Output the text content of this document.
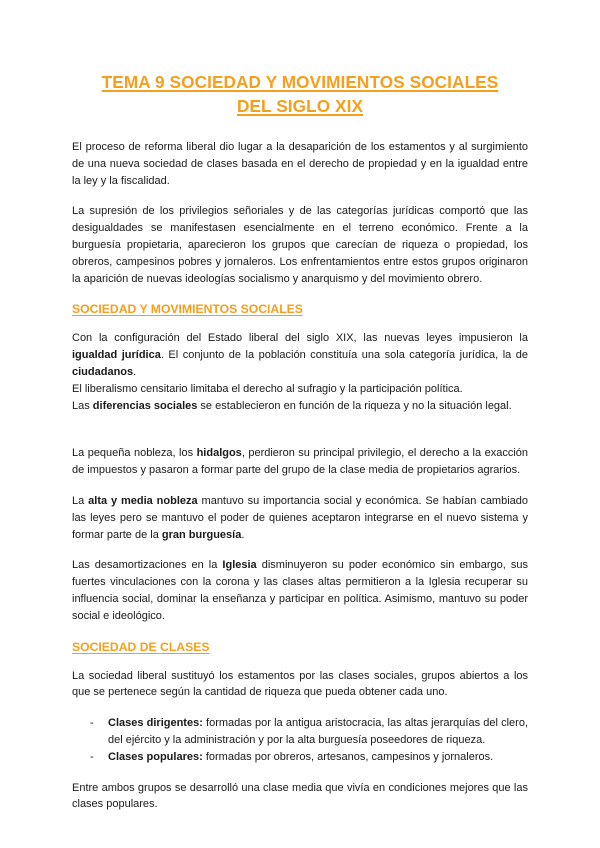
TEMA 9 SOCIEDAD Y MOVIMIENTOS SOCIALES
DEL SIGLO XIX

El proceso de reforma liberal dio lugar a la desaparición de los estamentos y al surgimiento de una nueva sociedad de clases basada en el derecho de propiedad y en la igualdad entre la ley y la fiscalidad.

La supresión de los privilegios señoriales y de las categorías jurídicas comportó que las desigualdades se manifestasen esencialmente en el terreno económico. Frente a la burguesía propietaria, aparecieron los grupos que carecían de riqueza o propiedad, los obreros, campesinos pobres y jornaleros. Los enfrentamientos entre estos grupos originaron la aparición de nuevas ideologías socialismo y anarquismo y del movimiento obrero.

SOCIEDAD Y MOVIMIENTOS SOCIALES

Con la configuración del Estado liberal del siglo XIX, las nuevas leyes impusieron la igualdad jurídica. El conjunto de la población constituía una sola categoría jurídica, la de ciudadanos.

El liberalismo censitario limitaba el derecho al sufragio y la participación política.

Las diferencias sociales se establecieron en función de la riqueza y no la situación legal.

La pequeña nobleza, los hidalgos, perdieron su principal privilegio, el derecho a la exacción de impuestos y pasaron a formar parte del grupo de la clase media de propietarios agrarios.

La alta y media nobleza mantuvo su importancia social y económica. Se habían cambiado las leyes pero se mantuvo el poder de quienes aceptaron integrarse en el nuevo sistema y formar parte de la gran burguesía.

Las desamortizaciones en la Iglesia disminuyeron su poder económico sin embargo, sus fuertes vinculaciones con la corona y las clases altas permitieron a la Iglesia recuperar su influencia social, dominar la enseñanza y participar en política. Asimismo, mantuvo su poder social e ideológico.

SOCIEDAD DE CLASES

La sociedad liberal sustituyó los estamentos por las clases sociales, grupos abiertos a los que se pertenece según la cantidad de riqueza que pueda obtener cada uno.

- Clases dirigentes: formadas por la antigua aristocracia, las altas jerarquías del clero, del ejército y la administración y por la alta burguesía poseedores de riqueza.
- Clases populares: formadas por obreros, artesanos, campesinos y jornaleros.

Entre ambos grupos se desarrolló una clase media que vivía en condiciones mejores que las clases populares.
